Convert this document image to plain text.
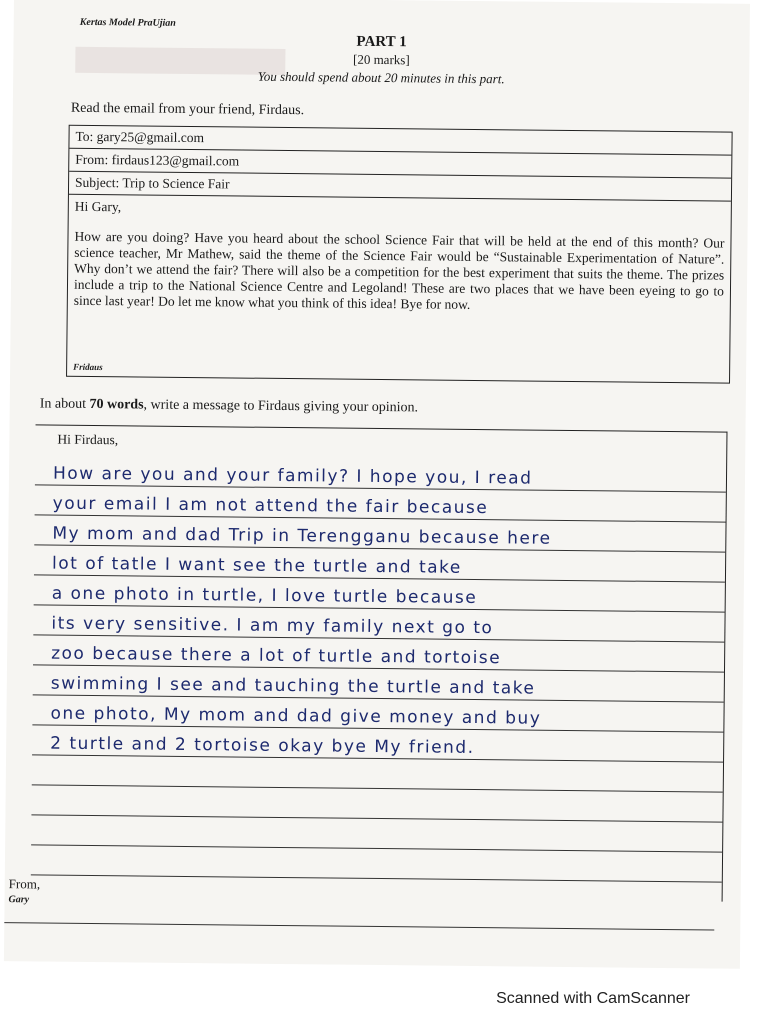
Kertas Model PraUjian
PART 1
[20 marks]
You should spend about 20 minutes in this part.
Read the email from your friend, Firdaus.
To: gary25@gmail.com
From: firdaus123@gmail.com
Subject: Trip to Science Fair
Hi Gary,
How are you doing? Have you heard about the school Science Fair that will be held at the end of this month? Our science teacher, Mr Mathew, said the theme of the Science Fair would be “Sustainable Experimentation of Nature”. Why don’t we attend the fair? There will also be a competition for the best experiment that suits the theme. The prizes include a trip to the National Science Centre and Legoland! These are two places that we have been eyeing to go to since last year! Do let me know what you think of this idea! Bye for now.
Fridaus
In about 70 words, write a message to Firdaus giving your opinion.
Hi Firdaus,
How are you and your family? I hope you, I read
your email I am not attend the fair because
My mom and dad Trip in Terengganu because here
lot of tatle I want see the turtle and take
a one photo in turtle, I love turtle because
its very sensitive. I am my family next go to
zoo because there a lot of turtle and tortoise
swimming I see and tauching the turtle and take
one photo, My mom and dad give money and buy
2 turtle and 2 tortoise okay bye My friend.
From,
Gary
Scanned with CamScanner
